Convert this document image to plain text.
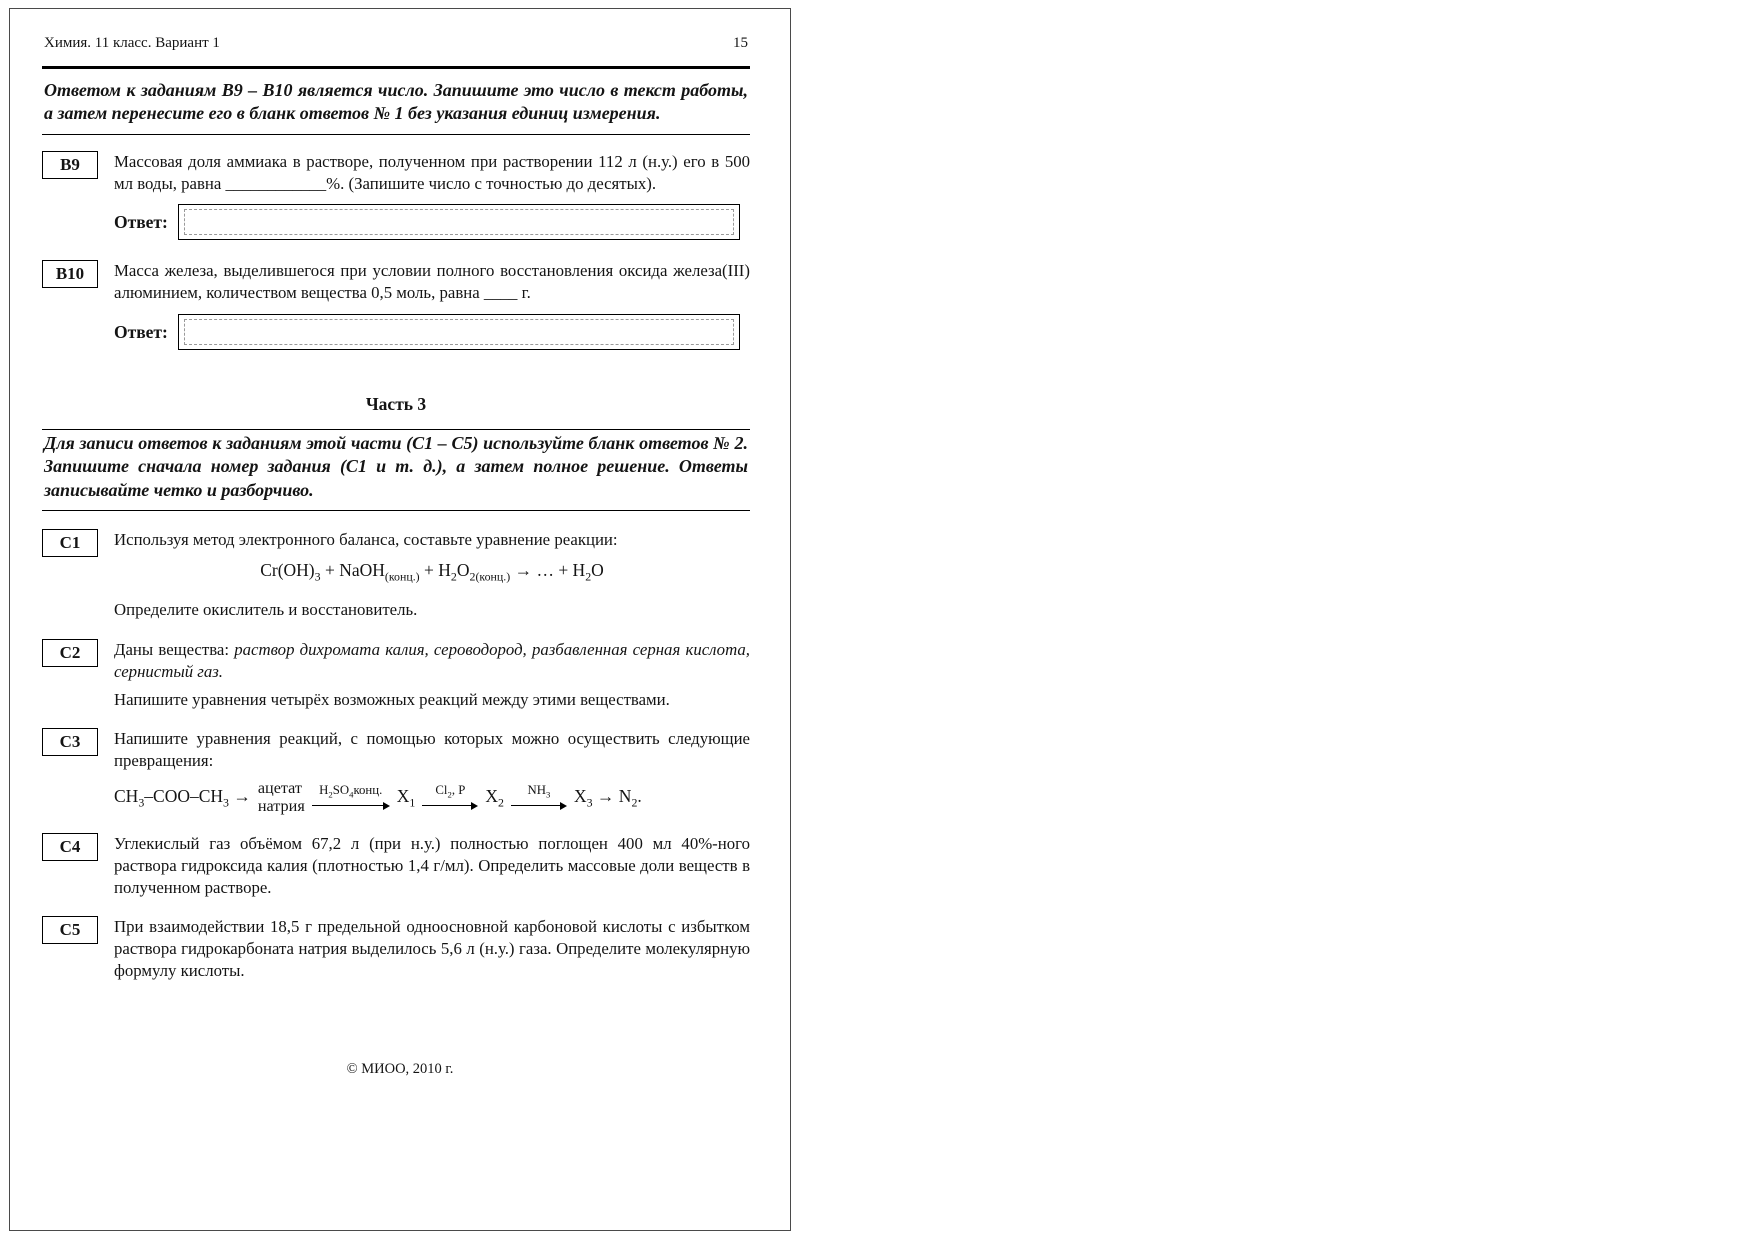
Химия. 11 класс. Вариант 1	15

Ответом к заданиям В9 – В10 является число. Запишите это число в текст работы, а затем перенесите его в бланк ответов № 1 без указания единиц измерения.

В9	Массовая доля аммиака в растворе, полученном при растворении 112 л (н.у.) его в 500 мл воды, равна ____________%. (Запишите число с точностью до десятых).

Ответ:
В10	Масса железа, выделившегося при условии полного восстановления оксида железа(III) алюминием, количеством вещества 0,5 моль, равна ____ г.

Ответ:
Часть 3

Для записи ответов к заданиям этой части (С1 – С5) используйте бланк ответов № 2. Запишите сначала номер задания (С1 и т. д.), а затем полное решение. Ответы записывайте четко и разборчиво.

С1	Используя метод электронного баланса, составьте уравнение реакции:

$Cr(OH)_3$ + NaOH$_{(конц.)}$ + $H_2O_{2(конц.)}$ → … + $H_2O$

Определите окислитель и восстановитель.

С2	Даны вещества: раствор дихромата калия, сероводород, разбавленная серная кислота, сернистый газ.

Напишите уравнения четырёх возможных реакций между этими веществами.

С3	Напишите уравнения реакций, с помощью которых можно осуществить следующие превращения:

$CH_3-COO-CH_3$ → ацетат
натрия
$H_2SO_4конц$. $X_1$
$Cl_2$, P $X_2$
$NH_3$ $X_3 \to N_2$.
С4	Углекислый газ объёмом 67,2 л (при н.у.) полностью поглощен 400 мл 40%-ного раствора гидроксида калия (плотностью 1,4 г/мл). Определить массовые доли веществ в полученном растворе.

С5	При взаимодействии 18,5 г предельной одноосновной карбоновой кислоты с избытком раствора гидрокарбоната натрия выделилось 5,6 л (н.у.) газа. Определите молекулярную формулу кислоты.

© МИОО, 2010 г.
